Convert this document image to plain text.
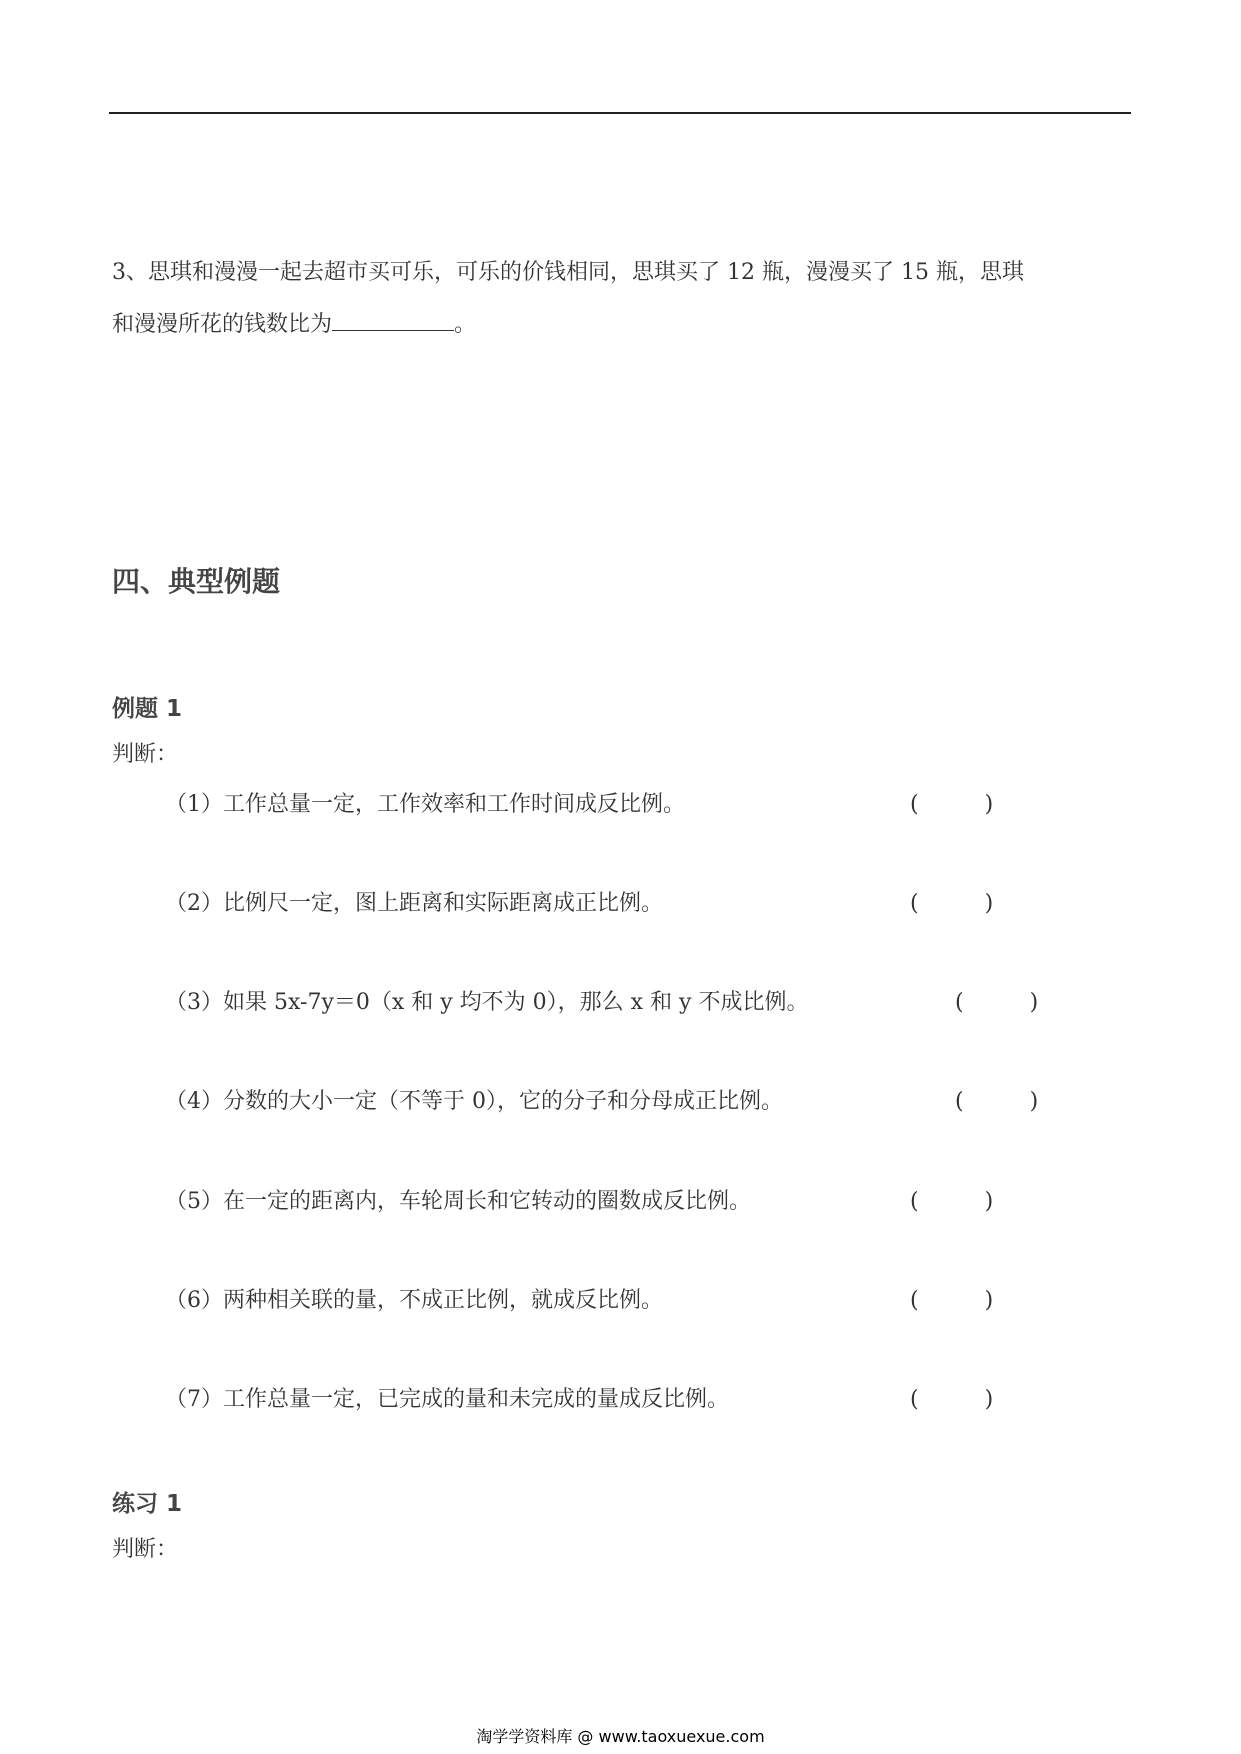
3、思琪和漫漫一起去超市买可乐，可乐的价钱相同，思琪买了 12 瓶，漫漫买了 15 瓶，思琪
和漫漫所花的钱数比为	。
四、典型例题
例题 1
判断：
（1）工作总量一定，工作效率和工作时间成反比例。	(　　　)
（2）比例尺一定，图上距离和实际距离成正比例。	(　　　)
（3）如果 5x-7y＝0（x 和 y 均不为 0），那么 x 和 y 不成比例。	(　　　)
（4）分数的大小一定（不等于 0），它的分子和分母成正比例。	(　　　)
（5）在一定的距离内，车轮周长和它转动的圈数成反比例。	(　　　)
（6）两种相关联的量，不成正比例，就成反比例。	(　　　)
（7）工作总量一定，已完成的量和未完成的量成反比例。	(　　　)
练习 1
判断：
淘学学资料库 @ www.taoxuexue.com
